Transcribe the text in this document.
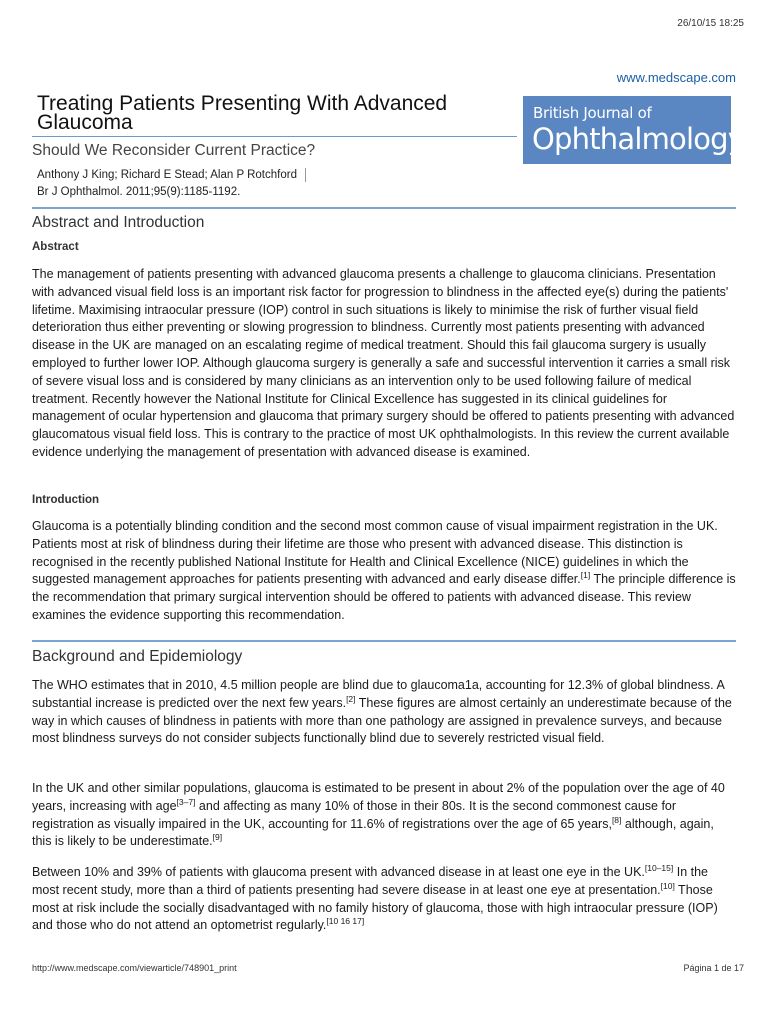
26/10/15 18:25
www.medscape.com
Treating Patients Presenting With Advanced Glaucoma
Should We Reconsider Current Practice?
Anthony J King; Richard E Stead; Alan P Rotchford
Br J Ophthalmol. 2011;95(9):1185-1192.
British Journal of
Ophthalmology
Abstract and Introduction
Abstract

The management of patients presenting with advanced glaucoma presents a challenge to glaucoma clinicians. Presentation with advanced visual field loss is an important risk factor for progression to blindness in the affected eye(s) during the patients' lifetime. Maximising intraocular pressure (IOP) control in such situations is likely to minimise the risk of further visual field deterioration thus either preventing or slowing progression to blindness. Currently most patients presenting with advanced disease in the UK are managed on an escalating regime of medical treatment. Should this fail glaucoma surgery is usually employed to further lower IOP. Although glaucoma surgery is generally a safe and successful intervention it carries a small risk of severe visual loss and is considered by many clinicians as an intervention only to be used following failure of medical treatment. Recently however the National Institute for Clinical Excellence has suggested in its clinical guidelines for management of ocular hypertension and glaucoma that primary surgery should be offered to patients presenting with advanced glaucomatous visual field loss. This is contrary to the practice of most UK ophthalmologists. In this review the current available evidence underlying the management of presentation with advanced disease is examined.

Introduction

Glaucoma is a potentially blinding condition and the second most common cause of visual impairment registration in the UK. Patients most at risk of blindness during their lifetime are those who present with advanced disease. This distinction is recognised in the recently published National Institute for Health and Clinical Excellence (NICE) guidelines in which the suggested management approaches for patients presenting with advanced and early disease differ.[1] The principle difference is the recommendation that primary surgical intervention should be offered to patients with advanced disease. This review examines the evidence supporting this recommendation.

Background and Epidemiology

The WHO estimates that in 2010, 4.5 million people are blind due to glaucoma1a, accounting for 12.3% of global blindness. A substantial increase is predicted over the next few years.[2] These figures are almost certainly an underestimate because of the way in which causes of blindness in patients with more than one pathology are assigned in prevalence surveys, and because most blindness surveys do not consider subjects functionally blind due to severely restricted visual field.

In the UK and other similar populations, glaucoma is estimated to be present in about 2% of the population over the age of 40 years, increasing with age[3–7] and affecting as many 10% of those in their 80s. It is the second commonest cause for registration as visually impaired in the UK, accounting for 11.6% of registrations over the age of 65 years,[8] although, again, this is likely to be underestimate.[9]

Between 10% and 39% of patients with glaucoma present with advanced disease in at least one eye in the UK.[10–15] In the most recent study, more than a third of patients presenting had severe disease in at least one eye at presentation.[10] Those most at risk include the socially disadvantaged with no family history of glaucoma, those with high intraocular pressure (IOP) and those who do not attend an optometrist regularly.[10 16 17]

http://www.medscape.com/viewarticle/748901_print	Página 1 de 17
